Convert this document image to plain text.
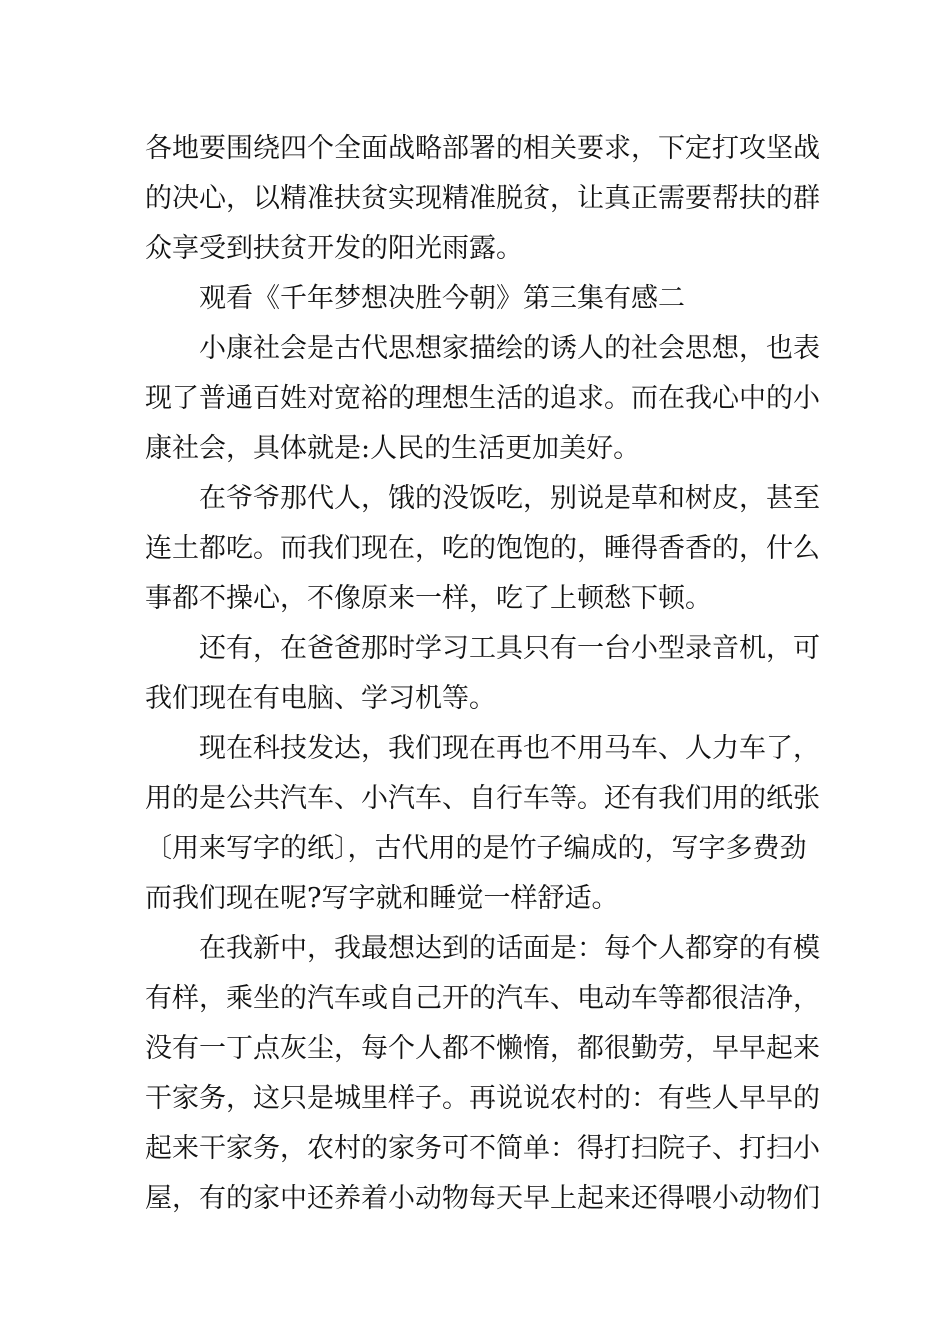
各地要围绕四个全面战略部署的相关要求，下定打攻坚战
的决心，以精准扶贫实现精准脱贫，让真正需要帮扶的群
众享受到扶贫开发的阳光雨露。

观看《千年梦想决胜今朝》第三集有感二

小康社会是古代思想家描绘的诱人的社会思想，也表
现了普通百姓对宽裕的理想生活的追求。而在我心中的小
康社会，具体就是:人民的生活更加美好。

在爷爷那代人，饿的没饭吃，别说是草和树皮，甚至
连土都吃。而我们现在，吃的饱饱的，睡得香香的，什么
事都不操心，不像原来一样，吃了上顿愁下顿。

还有，在爸爸那时学习工具只有一台小型录音机，可
我们现在有电脑、学习机等。

现在科技发达，我们现在再也不用马车、人力车了，
用的是公共汽车、小汽车、自行车等。还有我们用的纸张
〔用来写字的纸〕，古代用的是竹子编成的，写字多费劲
而我们现在呢?写字就和睡觉一样舒适。

在我新中，我最想达到的话面是：每个人都穿的有模
有样，乘坐的汽车或自己开的汽车、电动车等都很洁净，
没有一丁点灰尘，每个人都不懒惰，都很勤劳，早早起来
干家务，这只是城里样子。再说说农村的：有些人早早的
起来干家务，农村的家务可不简单：得打扫院子、打扫小
屋，有的家中还养着小动物每天早上起来还得喂小动物们
